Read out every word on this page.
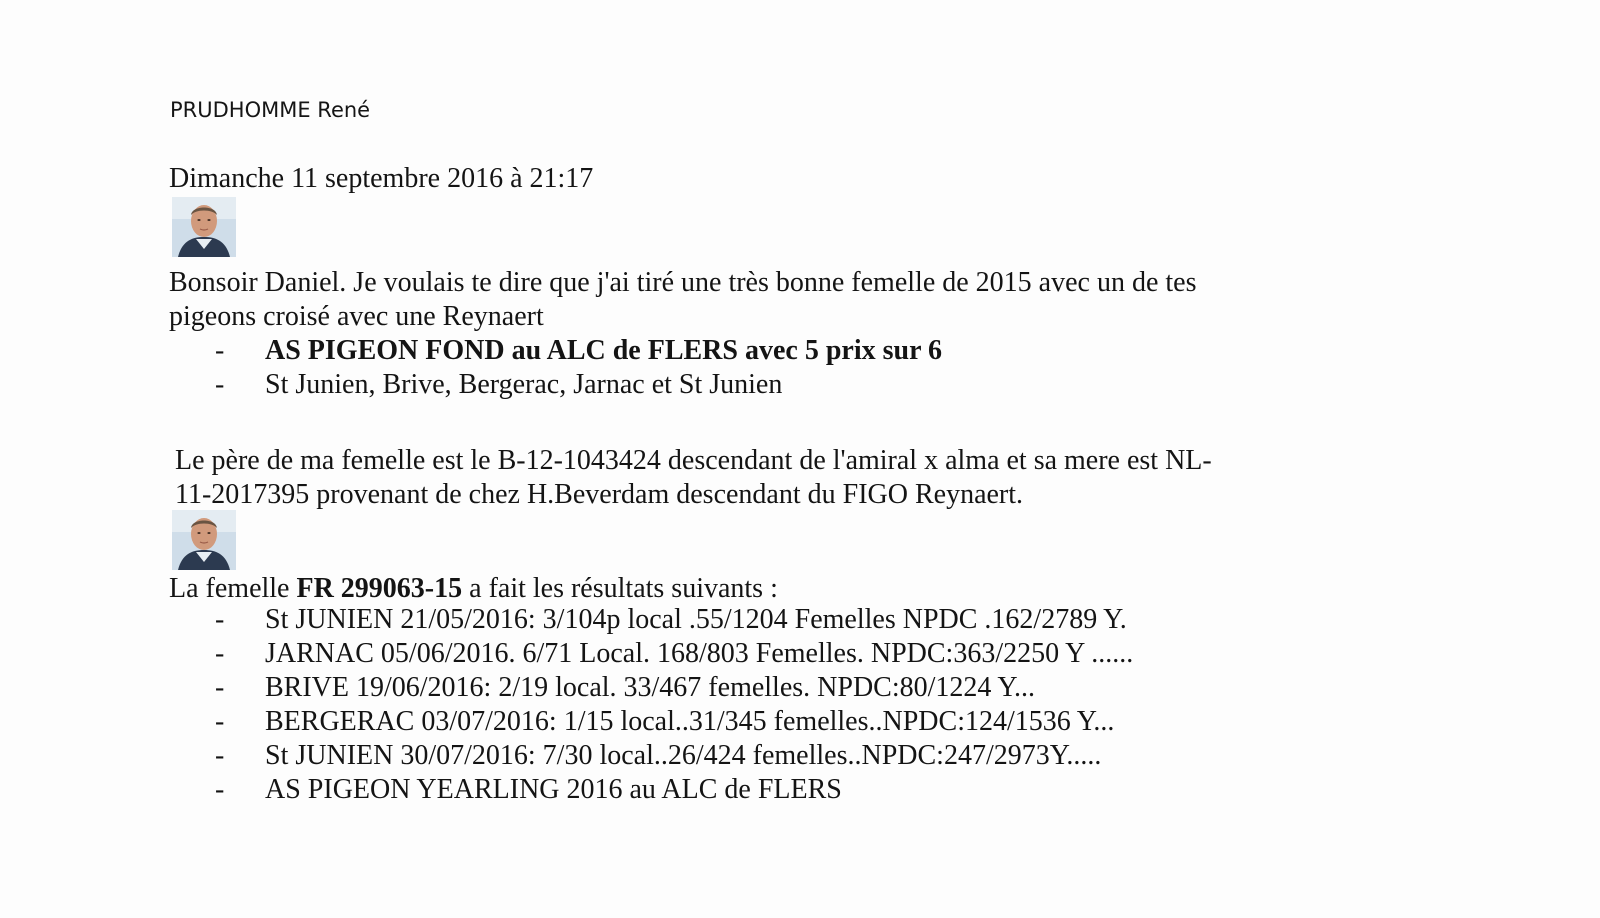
PRUDHOMME René

Dimanche 11 septembre 2016 à 21:17

Bonsoir Daniel. Je voulais te dire que j'ai tiré une très bonne femelle de 2015 avec un de tes
pigeons croisé avec une Reynaert

- AS PIGEON FOND au ALC de FLERS avec 5 prix sur 6
- St Junien, Brive, Bergerac, Jarnac et St Junien

Le père de ma femelle est le B-12-1043424 descendant de l'amiral x alma et sa mere est NL-
11-2017395 provenant de chez H.Beverdam descendant du FIGO Reynaert.

La femelle FR 299063-15 a fait les résultats suivants :

- St JUNIEN 21/05/2016: 3/104p local .55/1204 Femelles NPDC .162/2789 Y.
- JARNAC 05/06/2016. 6/71 Local. 168/803 Femelles. NPDC:363/2250 Y ......
- BRIVE 19/06/2016: 2/19 local. 33/467 femelles. NPDC:80/1224 Y...
- BERGERAC 03/07/2016: 1/15 local..31/345 femelles..NPDC:124/1536 Y...
- St JUNIEN 30/07/2016: 7/30 local..26/424 femelles..NPDC:247/2973Y.....
- AS PIGEON YEARLING 2016 au ALC de FLERS
